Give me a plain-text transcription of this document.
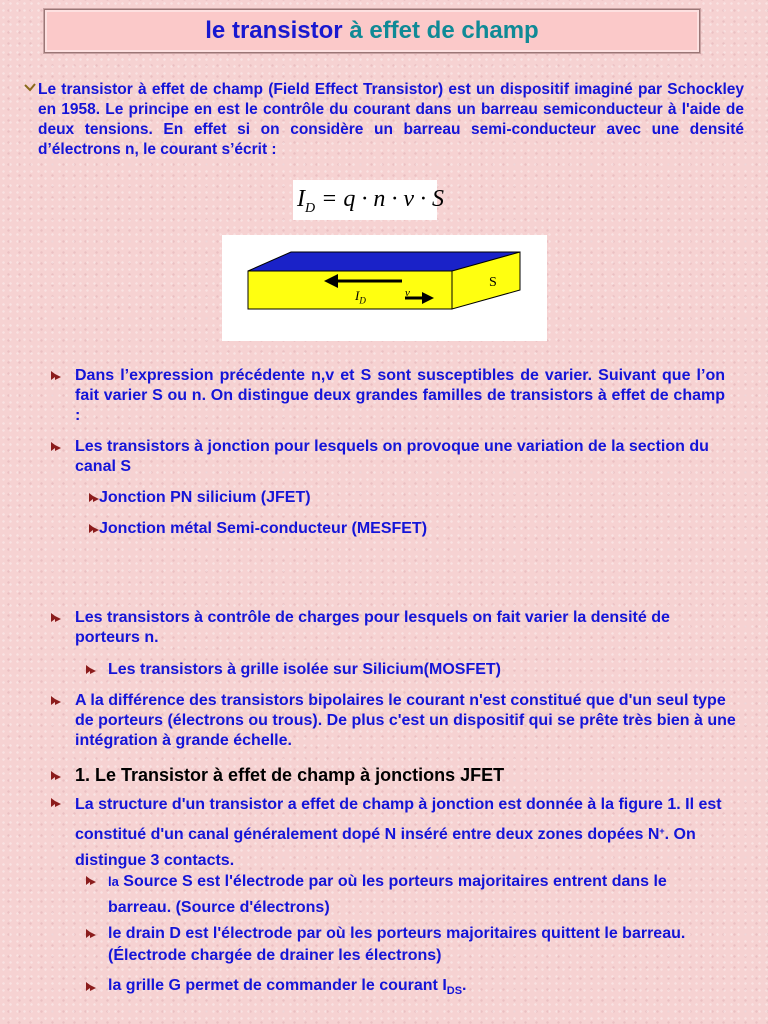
le transistor à effet de champ
Le transistor à effet de champ (Field Effect Transistor) est un dispositif imaginé par Schockley en 1958. Le principe en est le contrôle du courant dans un barreau semiconducteur à l'aide de deux tensions. En effet si on considère un barreau semi-conducteur avec une densité d’électrons n, le courant s’écrit :
$I_D = q \cdot n \cdot v \cdot S$
S
$I_D$
v
Dans l’expression précédente n,v et S sont susceptibles de varier. Suivant que l’on fait varier S ou n. On distingue deux grandes familles de transistors à effet de champ :
Les transistors à jonction pour lesquels on provoque une variation de la section du canal S
Jonction PN silicium (JFET)
Jonction métal Semi-conducteur (MESFET)
Les transistors à contrôle de charges pour lesquels on fait varier la densité de porteurs n.
Les transistors à grille isolée sur Silicium(MOSFET)
A la différence des transistors bipolaires le courant n'est constitué que d'un seul type de porteurs (électrons ou trous). De plus c'est un dispositif qui se prête très bien à une intégration à grande échelle.
1. Le Transistor à effet de champ à jonctions JFET
La structure d'un transistor a effet de champ à jonction est donnée à la figure 1. Il est constitué d'un canal généralement dopé N inséré entre deux zones dopées N+. On distingue 3 contacts.
la Source S est l'électrode par où les porteurs majoritaires entrent dans le barreau. (Source d'électrons)
le drain D est l'électrode par où les porteurs majoritaires quittent le barreau. (Électrode chargée de drainer les électrons)
la grille G permet de commander le courant $I_{DS}$.
